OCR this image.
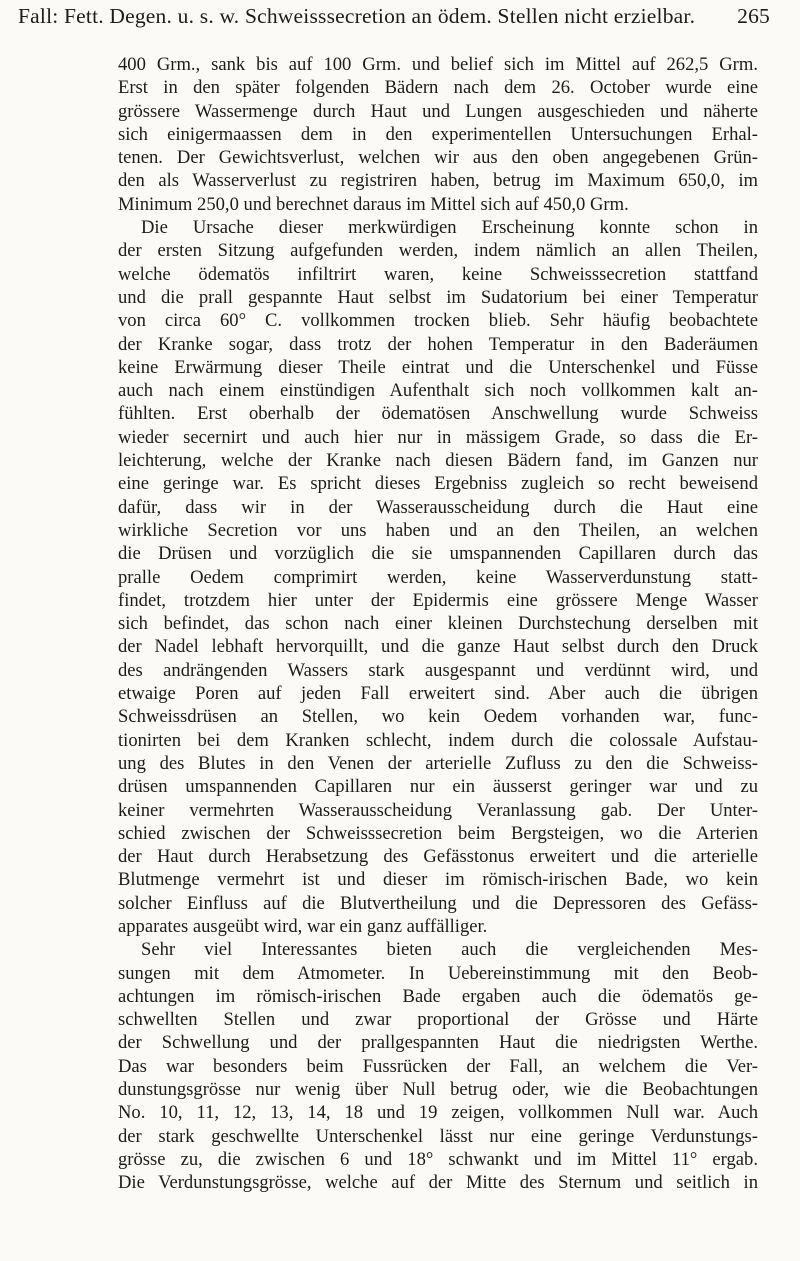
Fall: Fett. Degen. u. s. w. Schweisssecretion an ödem. Stellen nicht erzielbar. 265
400 Grm., sank bis auf 100 Grm. und belief sich im Mittel auf 262,5 Grm.
Erst in den später folgenden Bädern nach dem 26. October wurde eine
grössere Wassermenge durch Haut und Lungen ausgeschieden und näherte
sich einigermaassen dem in den experimentellen Untersuchungen Erhal-
tenen. Der Gewichtsverlust, welchen wir aus den oben angegebenen Grün-
den als Wasserverlust zu registriren haben, betrug im Maximum 650,0, im
Minimum 250,0 und berechnet daraus im Mittel sich auf 450,0 Grm.
Die Ursache dieser merkwürdigen Erscheinung konnte schon in
der ersten Sitzung aufgefunden werden, indem nämlich an allen Theilen,
welche ödematös infiltrirt waren, keine Schweisssecretion stattfand
und die prall gespannte Haut selbst im Sudatorium bei einer Temperatur
von circa 60° C. vollkommen trocken blieb. Sehr häufig beobachtete
der Kranke sogar, dass trotz der hohen Temperatur in den Baderäumen
keine Erwärmung dieser Theile eintrat und die Unterschenkel und Füsse
auch nach einem einstündigen Aufenthalt sich noch vollkommen kalt an-
fühlten. Erst oberhalb der ödematösen Anschwellung wurde Schweiss
wieder secernirt und auch hier nur in mässigem Grade, so dass die Er-
leichterung, welche der Kranke nach diesen Bädern fand, im Ganzen nur
eine geringe war. Es spricht dieses Ergebniss zugleich so recht beweisend
dafür, dass wir in der Wasserausscheidung durch die Haut eine
wirkliche Secretion vor uns haben und an den Theilen, an welchen
die Drüsen und vorzüglich die sie umspannenden Capillaren durch das
pralle Oedem comprimirt werden, keine Wasserverdunstung statt-
findet, trotzdem hier unter der Epidermis eine grössere Menge Wasser
sich befindet, das schon nach einer kleinen Durchstechung derselben mit
der Nadel lebhaft hervorquillt, und die ganze Haut selbst durch den Druck
des andrängenden Wassers stark ausgespannt und verdünnt wird, und
etwaige Poren auf jeden Fall erweitert sind. Aber auch die übrigen
Schweissdrüsen an Stellen, wo kein Oedem vorhanden war, func-
tionirten bei dem Kranken schlecht, indem durch die colossale Aufstau-
ung des Blutes in den Venen der arterielle Zufluss zu den die Schweiss-
drüsen umspannenden Capillaren nur ein äusserst geringer war und zu
keiner vermehrten Wasserausscheidung Veranlassung gab. Der Unter-
schied zwischen der Schweisssecretion beim Bergsteigen, wo die Arterien
der Haut durch Herabsetzung des Gefässtonus erweitert und die arterielle
Blutmenge vermehrt ist und dieser im römisch-irischen Bade, wo kein
solcher Einfluss auf die Blutvertheilung und die Depressoren des Gefäss-
apparates ausgeübt wird, war ein ganz auffälliger.
Sehr viel Interessantes bieten auch die vergleichenden Mes-
sungen mit dem Atmometer. In Uebereinstimmung mit den Beob-
achtungen im römisch-irischen Bade ergaben auch die ödematös ge-
schwellten Stellen und zwar proportional der Grösse und Härte
der Schwellung und der prallgespannten Haut die niedrigsten Werthe.
Das war besonders beim Fussrücken der Fall, an welchem die Ver-
dunstungsgrösse nur wenig über Null betrug oder, wie die Beobachtungen
No. 10, 11, 12, 13, 14, 18 und 19 zeigen, vollkommen Null war. Auch
der stark geschwellte Unterschenkel lässt nur eine geringe Verdunstungs-
grösse zu, die zwischen 6 und 18° schwankt und im Mittel 11° ergab.
Die Verdunstungsgrösse, welche auf der Mitte des Sternum und seitlich in
